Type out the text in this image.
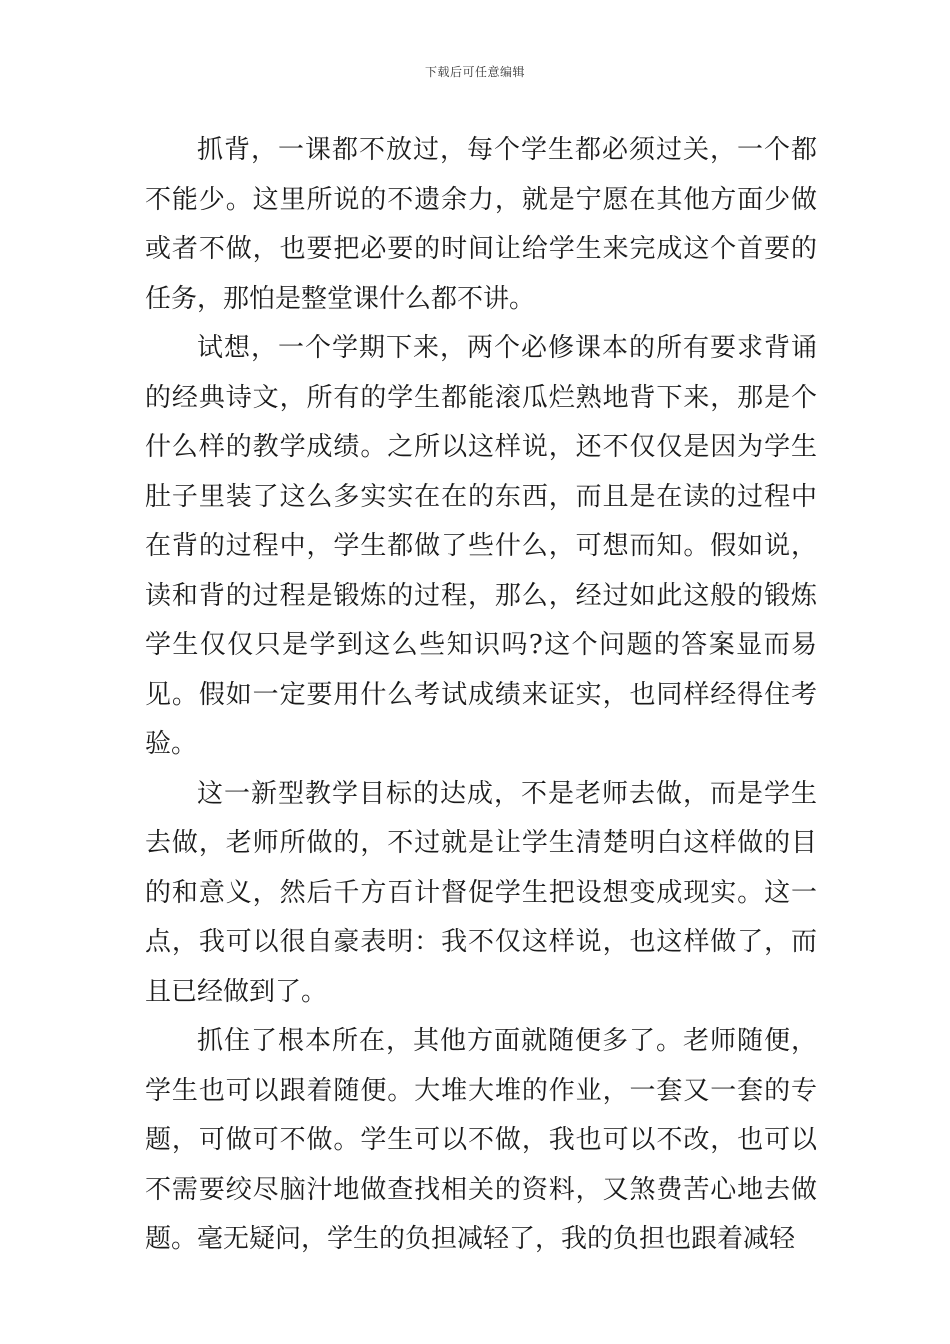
下载后可任意编辑

抓背，一课都不放过，每个学生都必须过关，一个都不能少。这里所说的不遗余力，就是宁愿在其他方面少做或者不做，也要把必要的时间让给学生来完成这个首要的任务，那怕是整堂课什么都不讲。

试想，一个学期下来，两个必修课本的所有要求背诵的经典诗文，所有的学生都能滚瓜烂熟地背下来，那是个什么样的教学成绩。之所以这样说，还不仅仅是因为学生肚子里装了这么多实实在在的东西，而且是在读的过程中在背的过程中，学生都做了些什么，可想而知。假如说，读和背的过程是锻炼的过程，那么，经过如此这般的锻炼学生仅仅只是学到这么些知识吗?这个问题的答案显而易见。假如一定要用什么考试成绩来证实，也同样经得住考验。

这一新型教学目标的达成，不是老师去做，而是学生去做，老师所做的，不过就是让学生清楚明白这样做的目的和意义，然后千方百计督促学生把设想变成现实。这一点，我可以很自豪表明：我不仅这样说，也这样做了，而且已经做到了。

抓住了根本所在，其他方面就随便多了。老师随便，学生也可以跟着随便。大堆大堆的作业，一套又一套的专题，可做可不做。学生可以不做，我也可以不改，也可以不需要绞尽脑汁地做查找相关的资料，又煞费苦心地去做题。毫无疑问，学生的负担减轻了，我的负担也跟着减轻
